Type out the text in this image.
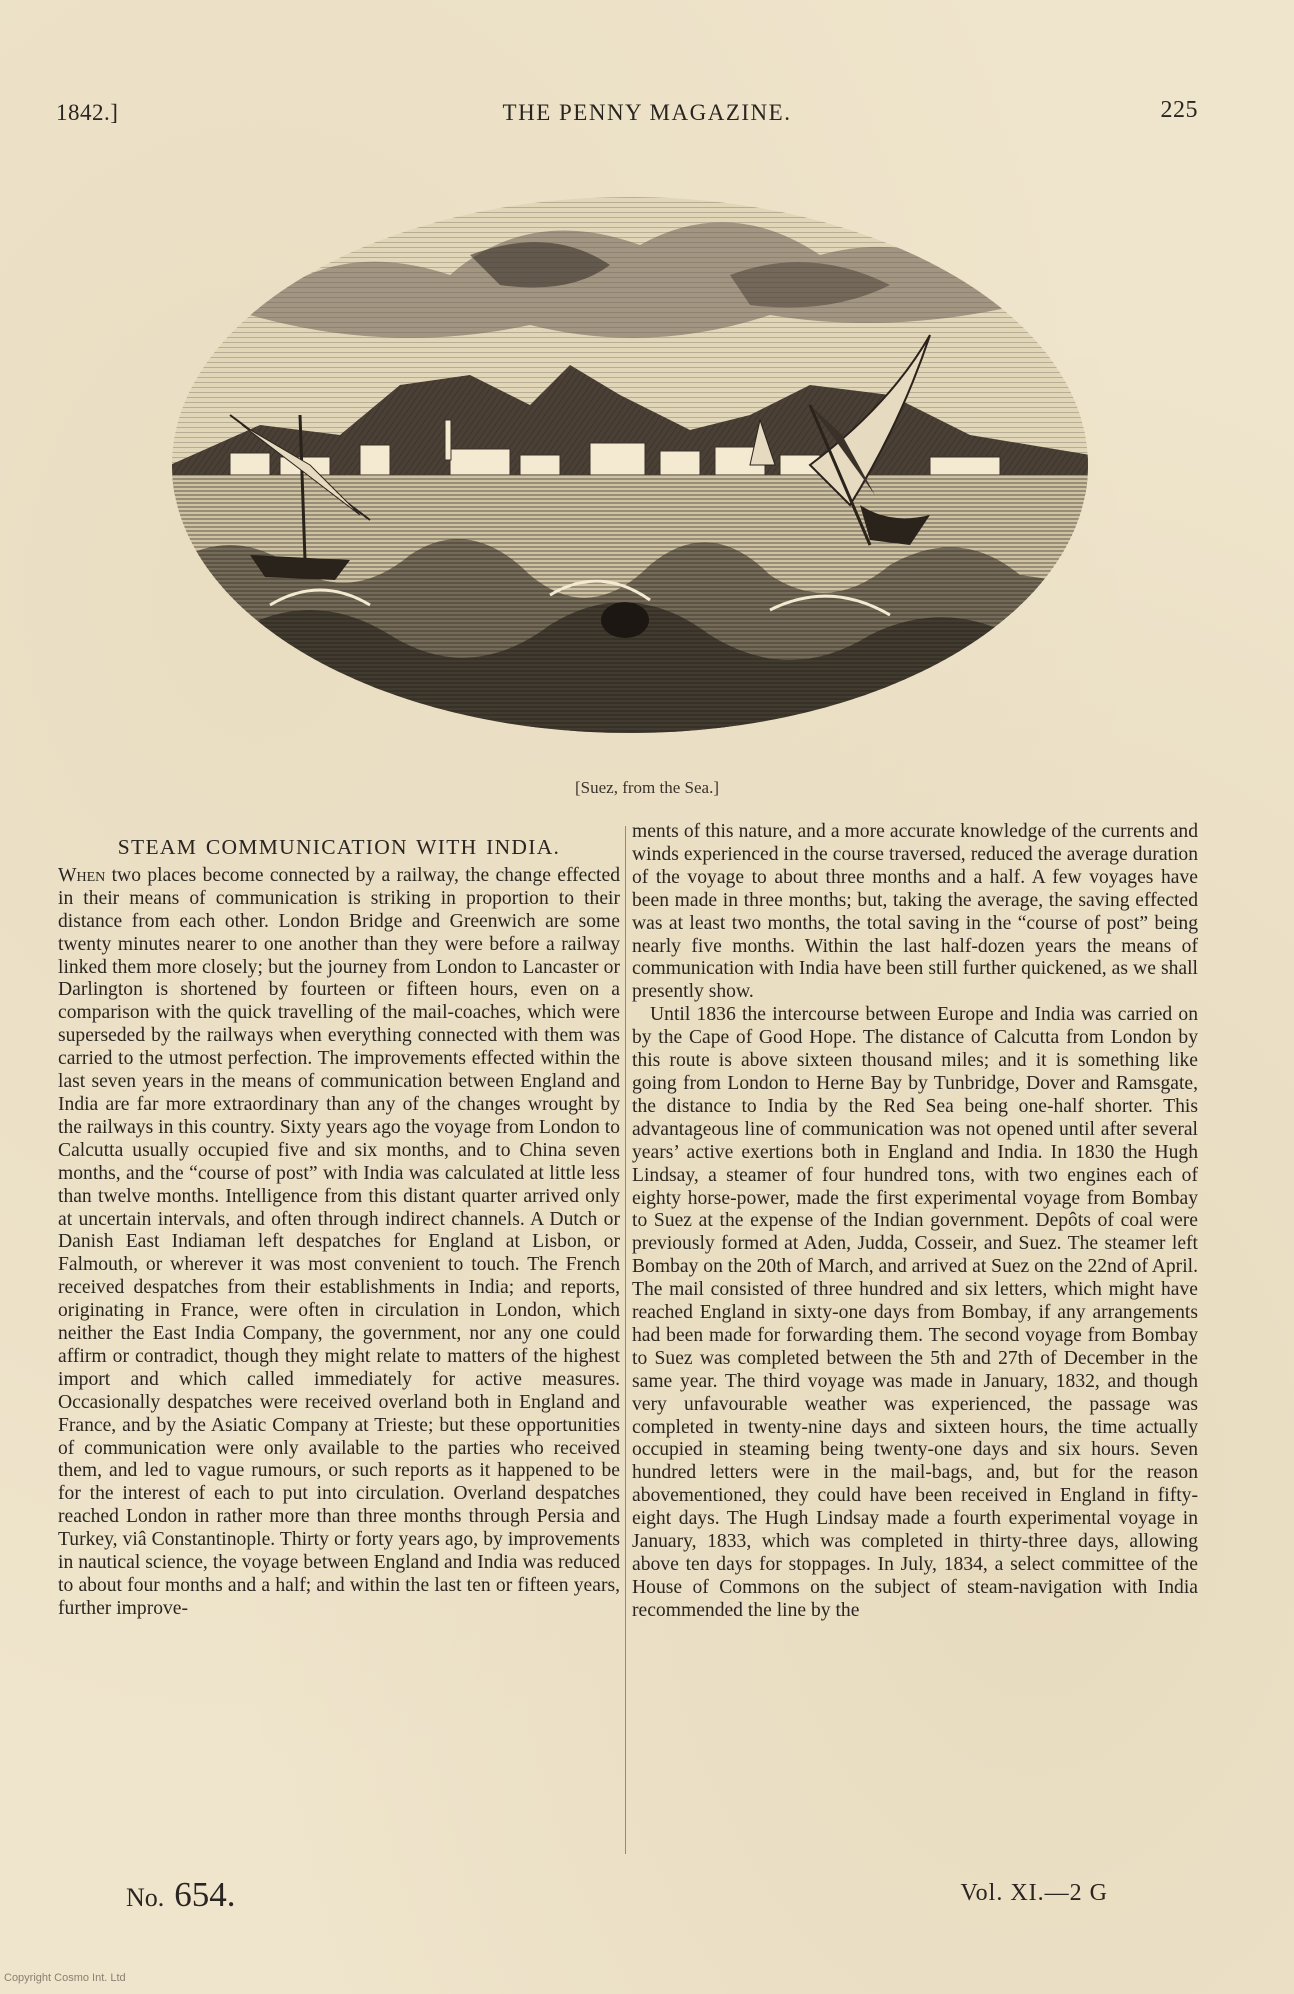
1842.]	THE PENNY MAGAZINE.	225
[Suez, from the Sea.]
STEAM COMMUNICATION WITH INDIA.

When two places become connected by a railway, the change effected in their means of communication is striking in proportion to their distance from each other. London Bridge and Greenwich are some twenty minutes nearer to one another than they were before a railway linked them more closely; but the journey from London to Lancaster or Darlington is shortened by fourteen or fifteen hours, even on a comparison with the quick travelling of the mail-coaches, which were superseded by the railways when everything connected with them was carried to the utmost perfection. The improvements effected within the last seven years in the means of communication between England and India are far more extraordinary than any of the changes wrought by the railways in this country. Sixty years ago the voyage from London to Calcutta usually occupied five and six months, and to China seven months, and the “course of post” with India was calculated at little less than twelve months. Intelligence from this distant quarter arrived only at uncertain intervals, and often through indirect channels. A Dutch or Danish East Indiaman left despatches for England at Lisbon, or Falmouth, or wherever it was most convenient to touch. The French received despatches from their establishments in India; and reports, originating in France, were often in circulation in London, which neither the East India Company, the government, nor any one could affirm or contradict, though they might relate to matters of the highest import and which called immediately for active measures. Occasionally despatches were received overland both in England and France, and by the Asiatic Company at Trieste; but these opportunities of communication were only available to the parties who received them, and led to vague rumours, or such reports as it happened to be for the interest of each to put into circulation. Overland despatches reached London in rather more than three months through Persia and Turkey, viâ Constantinople. Thirty or forty years ago, by improvements in nautical science, the voyage between England and India was reduced to about four months and a half; and within the last ten or fifteen years, further improve-

ments of this nature, and a more accurate knowledge of the currents and winds experienced in the course traversed, reduced the average duration of the voyage to about three months and a half. A few voyages have been made in three months; but, taking the average, the saving effected was at least two months, the total saving in the “course of post” being nearly five months. Within the last half-dozen years the means of communication with India have been still further quickened, as we shall presently show.

Until 1836 the intercourse between Europe and India was carried on by the Cape of Good Hope. The distance of Calcutta from London by this route is above sixteen thousand miles; and it is something like going from London to Herne Bay by Tunbridge, Dover and Ramsgate, the distance to India by the Red Sea being one-half shorter. This advantageous line of communication was not opened until after several years’ active exertions both in England and India. In 1830 the Hugh Lindsay, a steamer of four hundred tons, with two engines each of eighty horse-power, made the first experimental voyage from Bombay to Suez at the expense of the Indian government. Depôts of coal were previously formed at Aden, Judda, Cosseir, and Suez. The steamer left Bombay on the 20th of March, and arrived at Suez on the 22nd of April. The mail consisted of three hundred and six letters, which might have reached England in sixty-one days from Bombay, if any arrangements had been made for forwarding them. The second voyage from Bombay to Suez was completed between the 5th and 27th of December in the same year. The third voyage was made in January, 1832, and though very unfavourable weather was experienced, the passage was completed in twenty-nine days and sixteen hours, the time actually occupied in steaming being twenty-one days and six hours. Seven hundred letters were in the mail-bags, and, but for the reason abovementioned, they could have been received in England in fifty-eight days. The Hugh Lindsay made a fourth experimental voyage in January, 1833, which was completed in thirty-three days, allowing above ten days for stoppages. In July, 1834, a select committee of the House of Commons on the subject of steam-navigation with India recommended the line by the

No. 654.	Vol. XI.—2 G
Copyright Cosmo Int. Ltd
